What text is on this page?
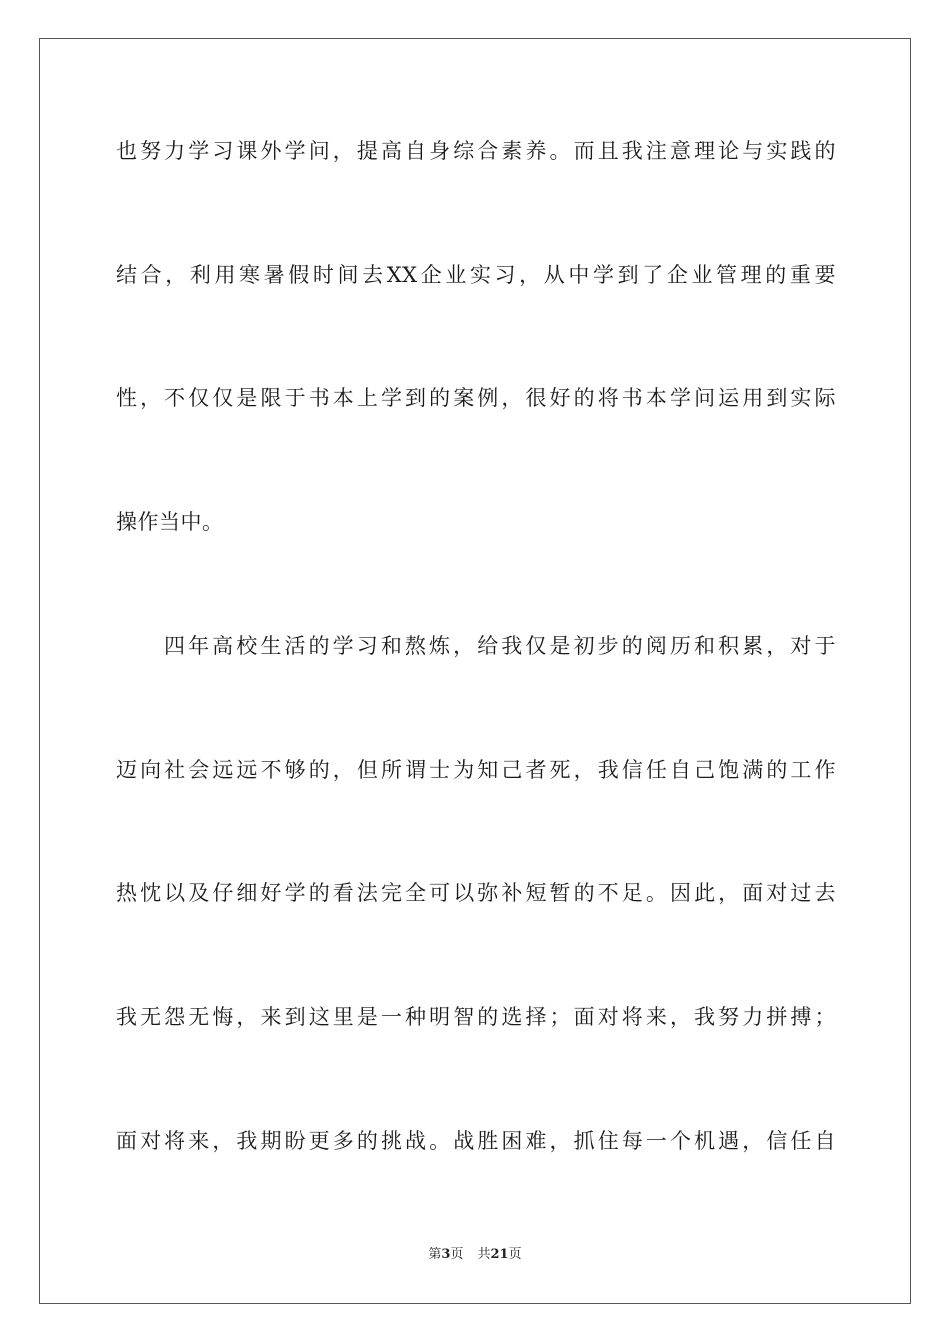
也努力学习课外学问，提高自身综合素养。而且我注意理论与实践的
结合，利用寒暑假时间去XX企业实习，从中学到了企业管理的重要
性，不仅仅是限于书本上学到的案例，很好的将书本学问运用到实际
操作当中。
四年高校生活的学习和熬炼，给我仅是初步的阅历和积累，对于
迈向社会远远不够的，但所谓士为知己者死，我信任自己饱满的工作
热忱以及仔细好学的看法完全可以弥补短暂的不足。因此，面对过去
我无怨无悔，来到这里是一种明智的选择；面对将来，我努力拼搏；
面对将来，我期盼更多的挑战。战胜困难，抓住每一个机遇，信任自
第3页 共21页
